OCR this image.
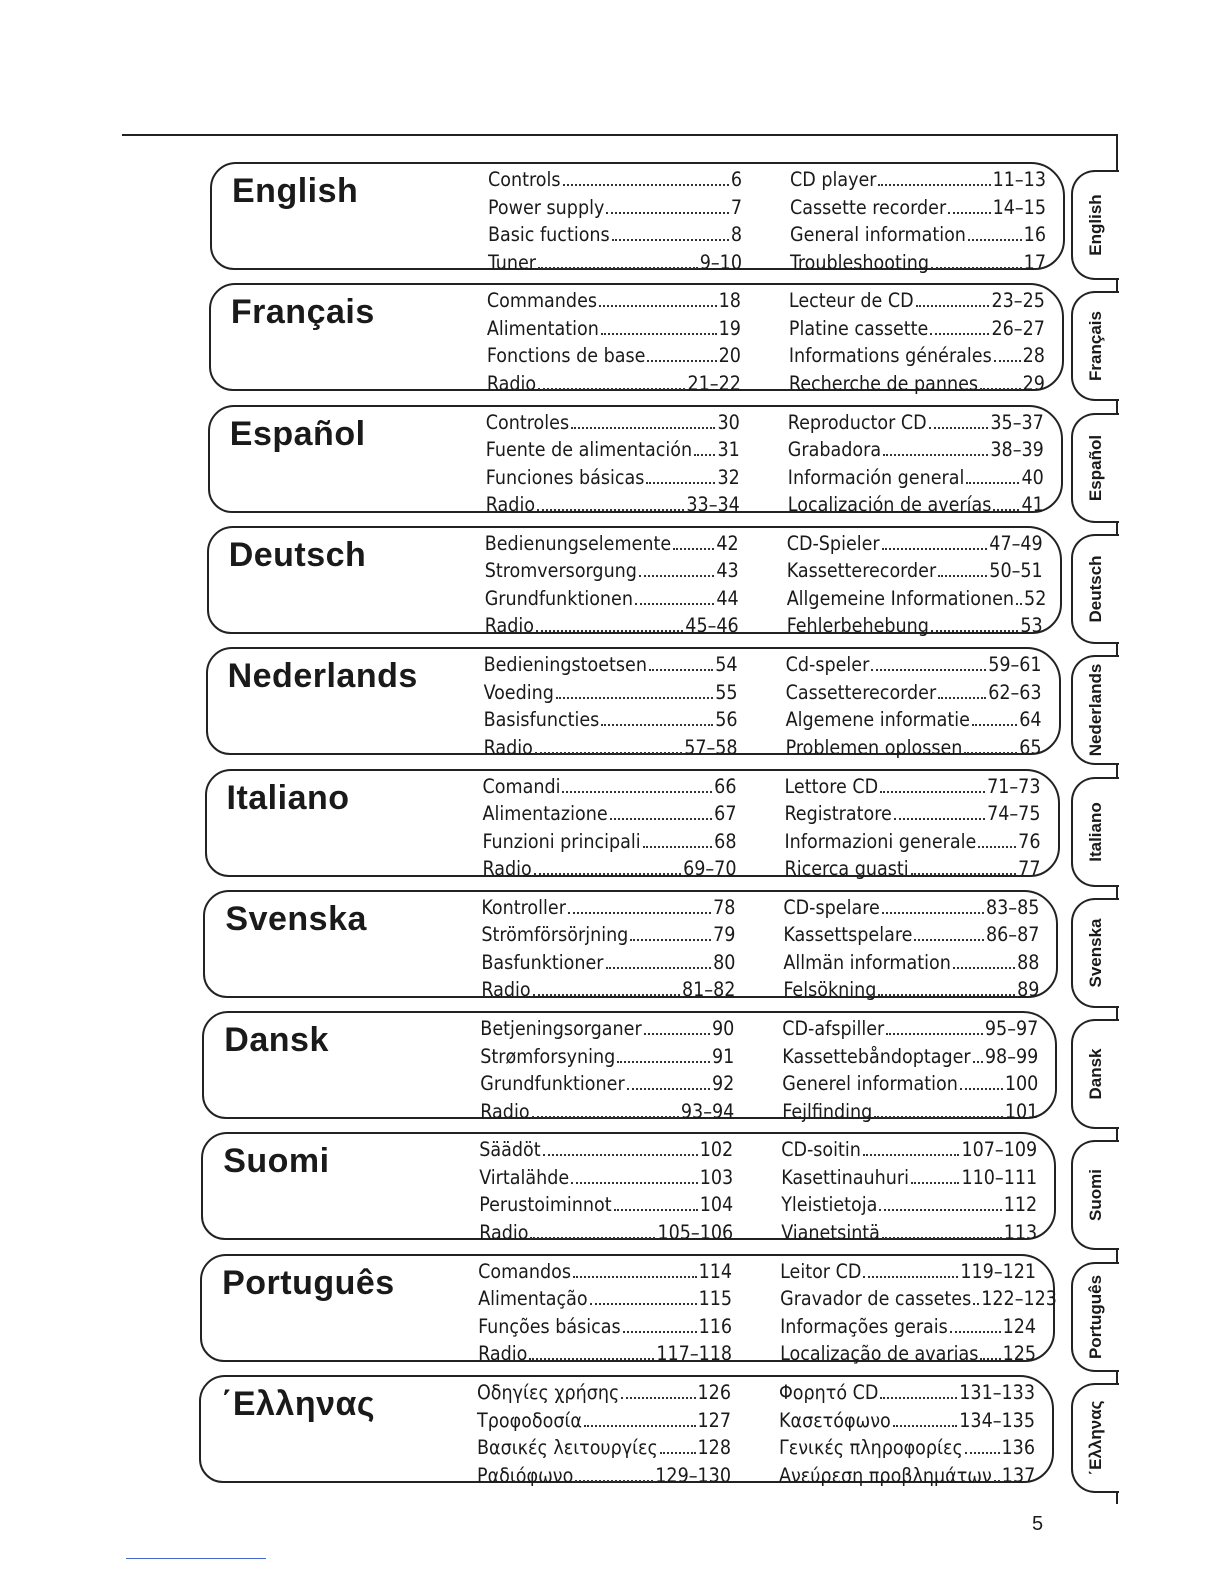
English	Controls	6
Power supply	7
Basic fuctions	8
Tuner	9–10
CD player	11–13
Cassette recorder 14–15
General information	16
Troubleshooting	17
Français	Commandes	18
Alimentation	19
Fonctions de base	20
Radio	21–22
Lecteur de CD	23–25
Platine cassette	26–27
Informations générales 28
Recherche de pannes 29
Español	Controles	30
Fuente de alimentación 31
Funciones básicas	32
Radio	33–34
Reproductor CD	35–37
Grabadora	38–39
Información general	40
Localización de averías 41
Deutsch	Bedienungselemente 42
Stromversorgung	43
Grundfunktionen	44
Radio	45–46
CD-Spieler	47–49
Kassetterecorder	50–51
Allgemeine Informationen 52
Fehlerbehebung	53
Nederlands	Bedieningstoetsen	54
Voeding	55
Basisfuncties	56
Radio	57–58
Cd-speler	59–61
Cassetterecorder	62–63
Algemene informatie	64
Problemen oplossen	65
Italiano	Comandi	66
Alimentazione	67
Funzioni principali	68
Radio	69–70
Lettore CD	71–73
Registratore	74–75
Informazioni generale 76
Ricerca guasti	77
Svenska	Kontroller	78
Strömförsörjning	79
Basfunktioner	80
Radio	81–82
CD-spelare	83–85
Kassettspelare	86–87
Allmän information	88
Felsökning	89
Dansk	Betjeningsorganer	90
Strømforsyning	91
Grundfunktioner	92
Radio	93–94
CD-afspiller	95–97
Kassettebåndoptager 98–99
Generel information 100
Fejlfinding	101
Suomi	Säädöt	102
Virtalähde	103
Perustoiminnot	104
Radio	105–106
CD-soitin	107–109
Kasettinauhuri	110–111
Yleistietoja	112
Vianetsintä	113
Português	Comandos	114
Alimentação	115
Funções básicas	116
Radio	117–118
Leitor CD	119–121
Gravador de cassetes 122–123
Informações gerais	124
Localização de avarias 125
΄Ελληνας	Οδηγίες χρήσης	126
Τροφοδοσία	127
Βασικές λειτουργίες 128
Ραδιόφωνο	129–130
Φορητό CD	131–133
Κασετόφωνο	134–135
Γενικές πληροφορίες 136
Ανεύρεση προβλημάτων 137
English
Français
Español
Deutsch
Nederlands
Italiano
Svenska
Dansk
Suomi
Português
΄Ελληνας
5
